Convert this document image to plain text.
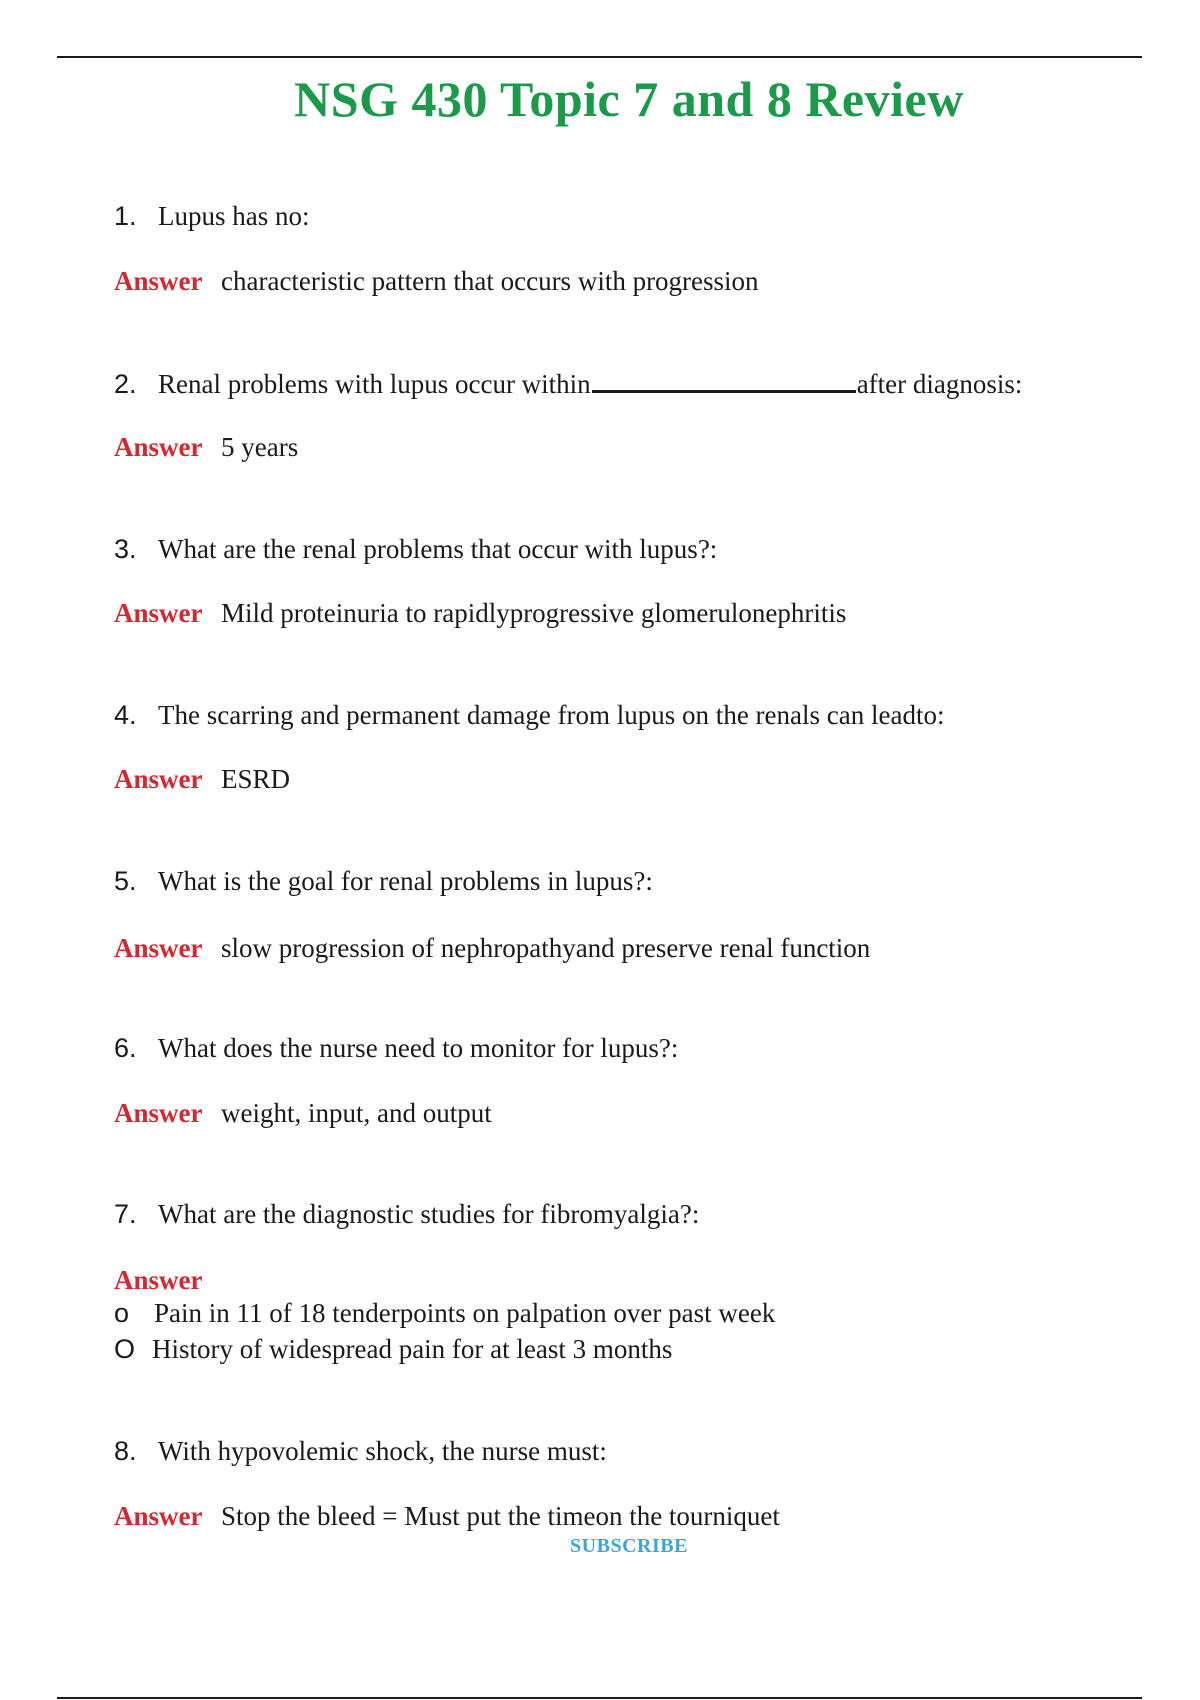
NSG 430 Topic 7 and 8 Review
1. Lupus has no:
Answer characteristic pattern that occurs with progression
2. Renal problems with lupus occur within	after diagnosis:
Answer 5 years
3. What are the renal problems that occur with lupus?:
Answer Mild proteinuria to rapidlyprogressive glomerulonephritis
4. The scarring and permanent damage from lupus on the renals can leadto:
Answer ESRD
5. What is the goal for renal problems in lupus?:
Answer slow progression of nephropathyand preserve renal function
6. What does the nurse need to monitor for lupus?:
Answer weight, input, and output
7. What are the diagnostic studies for fibromyalgia?:
Answer
o Pain in 11 of 18 tenderpoints on palpation over past week
O History of widespread pain for at least 3 months
8. With hypovolemic shock, the nurse must:
Answer Stop the bleed = Must put the timeon the tourniquet
SUBSCRIBE
